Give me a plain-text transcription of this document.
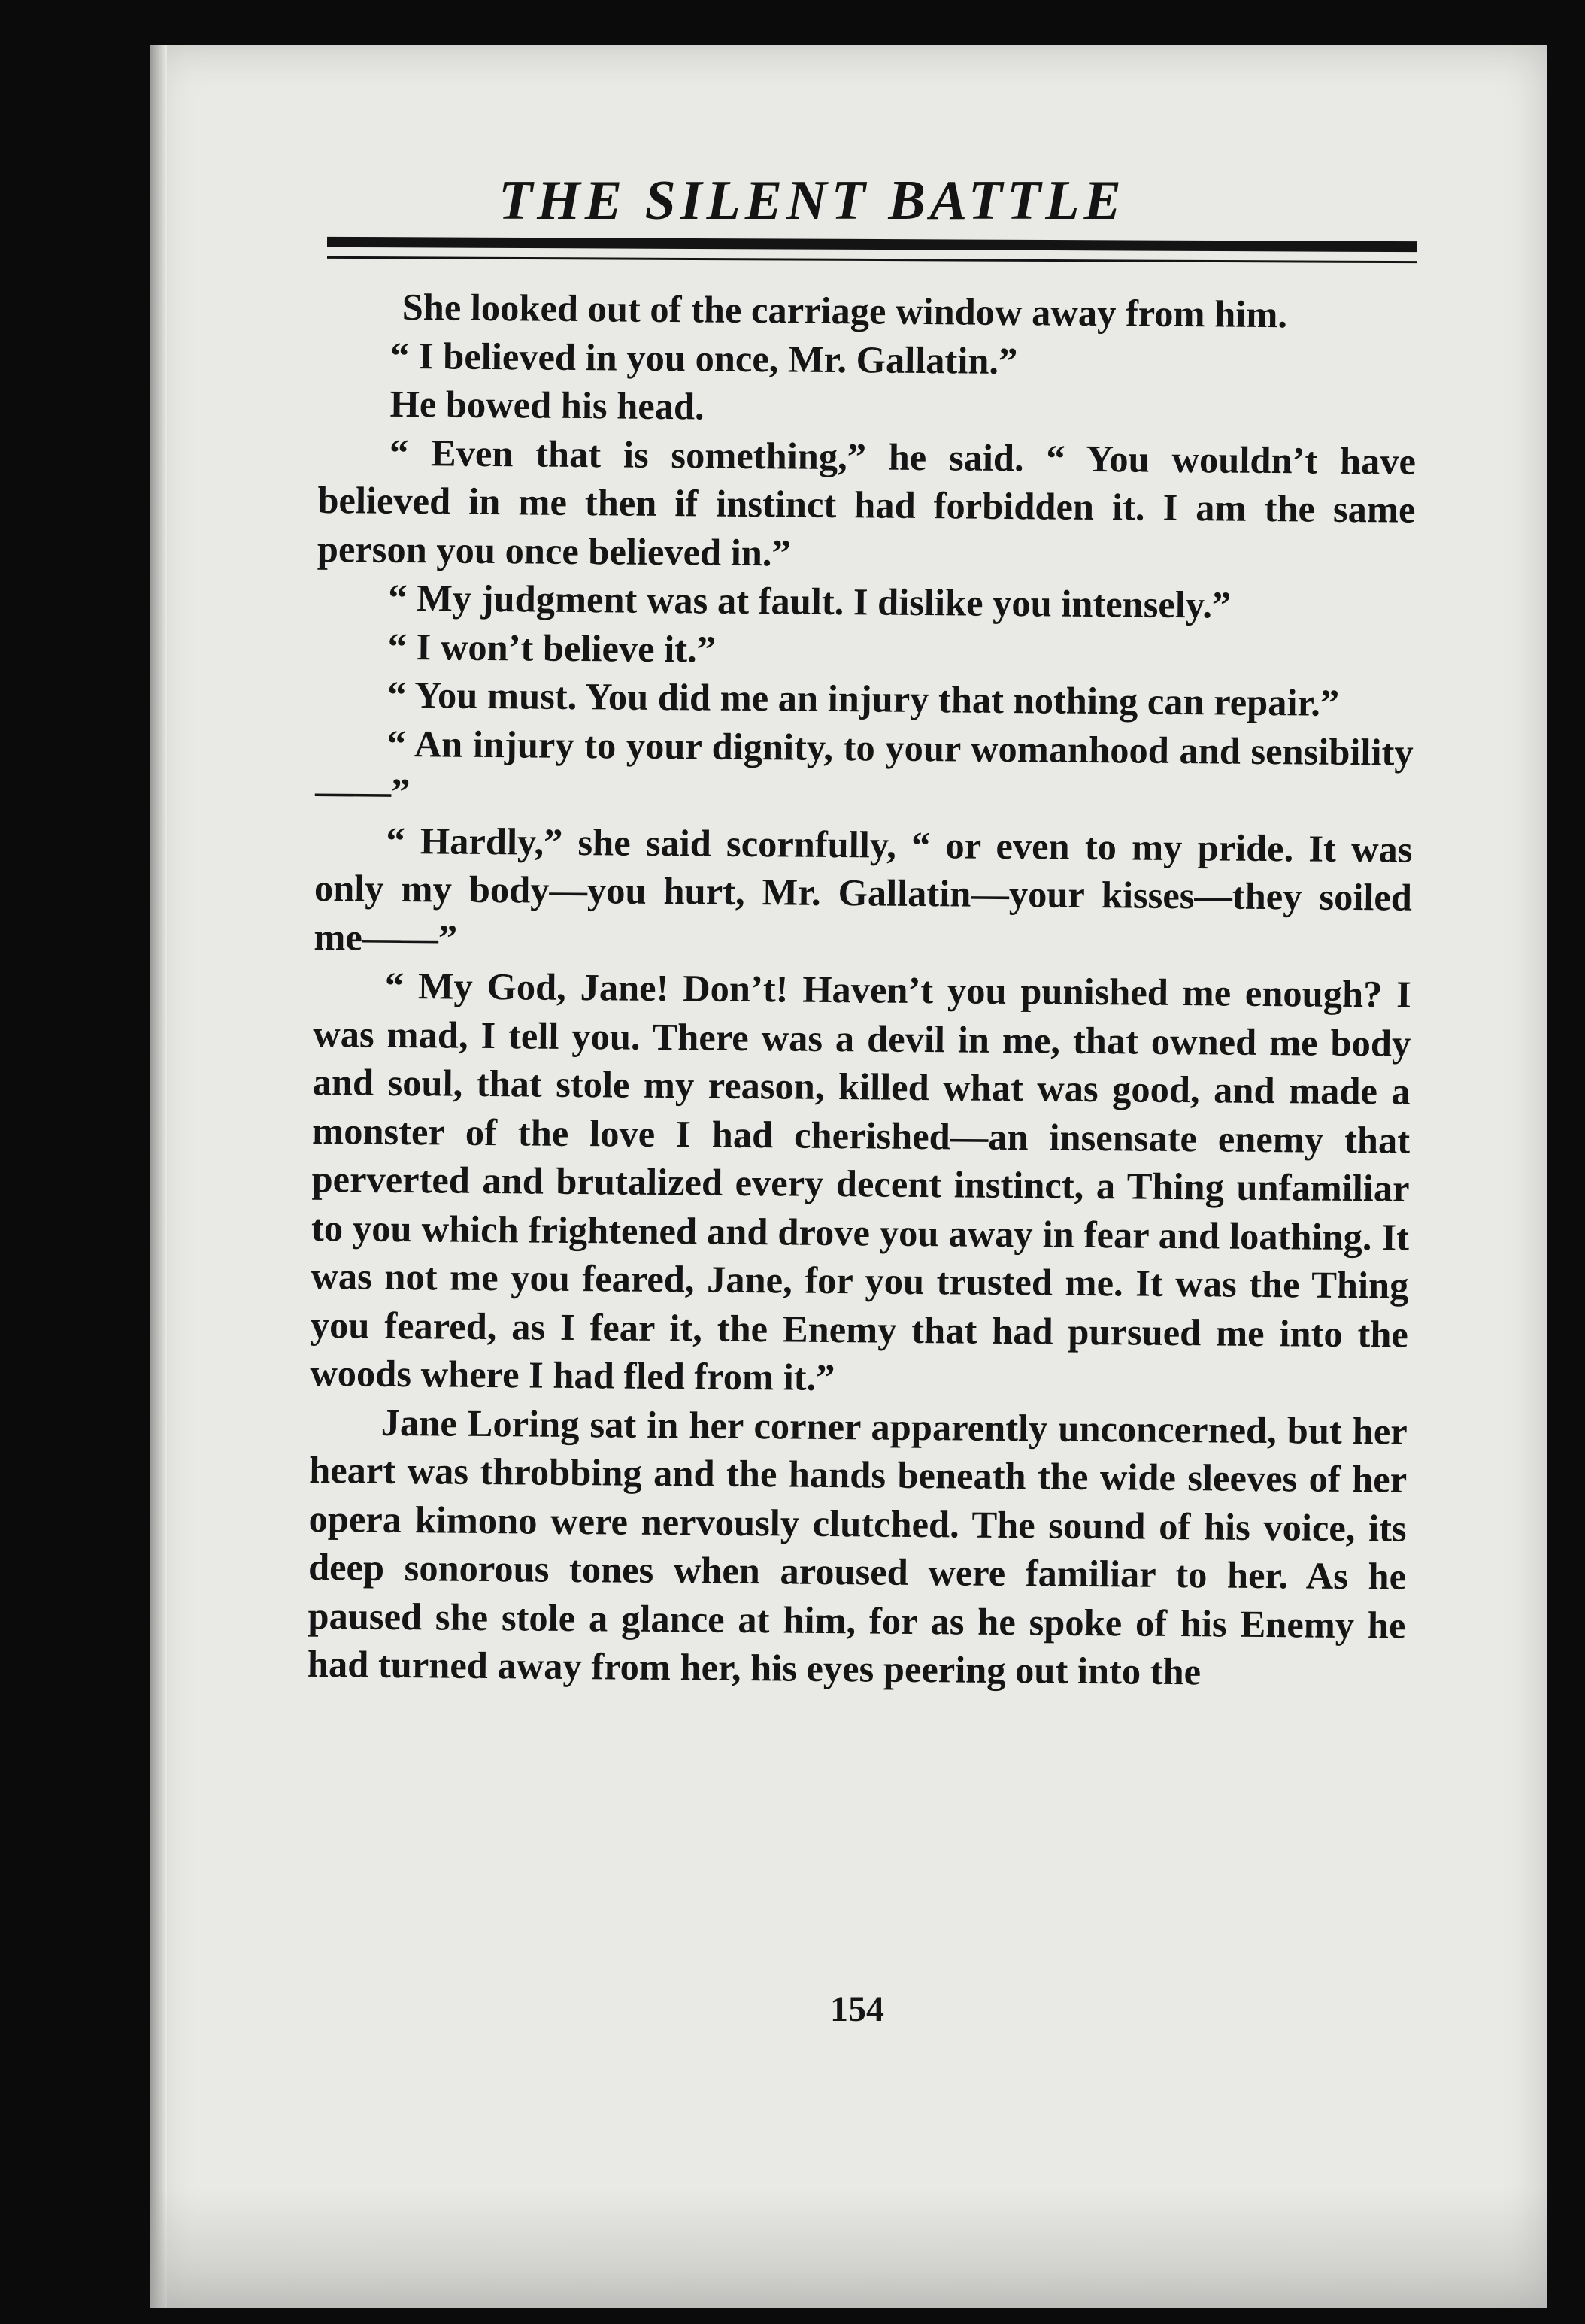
THE SILENT BATTLE

She looked out of the carriage window away from him.

“ I believed in you once, Mr. Gallatin.”

He bowed his head.

“ Even that is something,” he said. “ You wouldn’t have believed in me then if instinct had forbidden it. I am the same person you once believed in.”

“ My judgment was at fault. I dislike you intensely.”

“ I won’t believe it.”

“ You must. You did me an injury that nothing can repair.”

“ An injury to your dignity, to your womanhood and sensibility——”

“ Hardly,” she said scornfully, “ or even to my pride. It was only my body—you hurt, Mr. Gallatin—your kisses—they soiled me——”

“ My God, Jane! Don’t! Haven’t you punished me enough? I was mad, I tell you. There was a devil in me, that owned me body and soul, that stole my reason, killed what was good, and made a monster of the love I had cherished—an insensate enemy that perverted and brutalized every decent instinct, a Thing unfamiliar to you which frightened and drove you away in fear and loathing. It was not me you feared, Jane, for you trusted me. It was the Thing you feared, as I fear it, the Enemy that had pursued me into the woods where I had fled from it.”

Jane Loring sat in her corner apparently unconcerned, but her heart was throbbing and the hands beneath the wide sleeves of her opera kimono were nervously clutched. The sound of his voice, its deep sonorous tones when aroused were familiar to her. As he paused she stole a glance at him, for as he spoke of his Enemy he had turned away from her, his eyes peering out into the

154
